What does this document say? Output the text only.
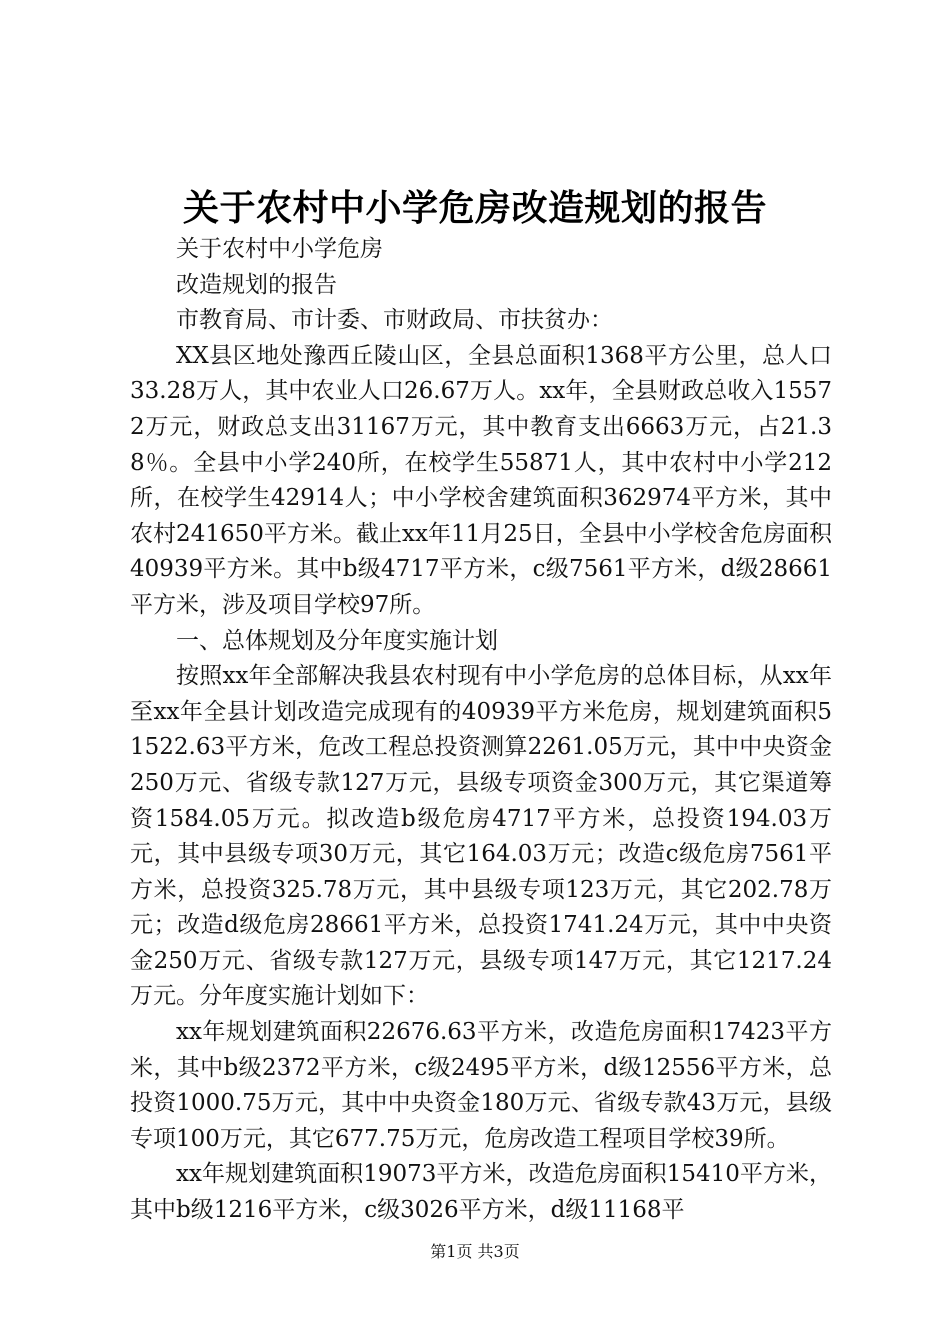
关于农村中小学危房改造规划的报告

关于农村中小学危房

改造规划的报告

市教育局、市计委、市财政局、市扶贫办：

XX县区地处豫西丘陵山区，全县总面积1368平方公里，总人口33.28万人，其中农业人口26.67万人。xx年，全县财政总收入15572万元，财政总支出31167万元，其中教育支出6663万元，占21.38％。全县中小学240所，在校学生55871人，其中农村中小学212所，在校学生42914人；中小学校舍建筑面积362974平方米，其中农村241650平方米。截止xx年11月25日，全县中小学校舍危房面积40939平方米。其中b级4717平方米，c级7561平方米，d级28661平方米，涉及项目学校97所。

一、总体规划及分年度实施计划

按照xx年全部解决我县农村现有中小学危房的总体目标，从xx年至xx年全县计划改造完成现有的40939平方米危房，规划建筑面积51522.63平方米，危改工程总投资测算2261.05万元，其中中央资金250万元、省级专款127万元，县级专项资金300万元，其它渠道筹资1584.05万元。拟改造b级危房4717平方米，总投资194.03万元，其中县级专项30万元，其它164.03万元；改造c级危房7561平方米，总投资325.78万元，其中县级专项123万元，其它202.78万元；改造d级危房28661平方米，总投资1741.24万元，其中中央资金250万元、省级专款127万元，县级专项147万元，其它1217.24万元。分年度实施计划如下：

xx年规划建筑面积22676.63平方米，改造危房面积17423平方米，其中b级2372平方米，c级2495平方米，d级12556平方米，总投资1000.75万元，其中中央资金180万元、省级专款43万元，县级专项100万元，其它677.75万元，危房改造工程项目学校39所。

xx年规划建筑面积19073平方米，改造危房面积15410平方米，其中b级1216平方米，c级3026平方米，d级11168平

第1页 共3页
